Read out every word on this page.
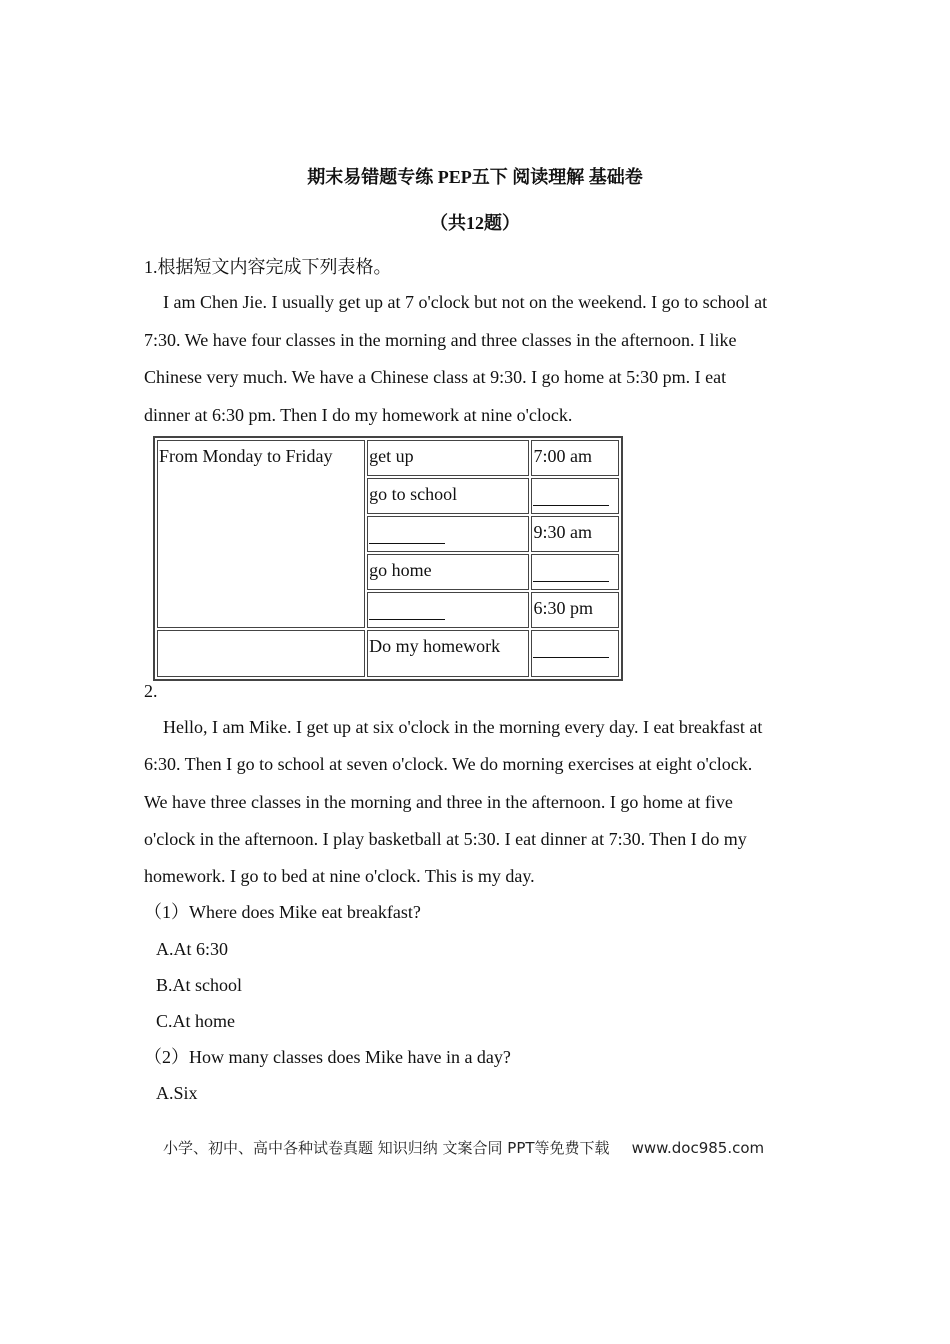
期末易错题专练 PEP五下 阅读理解 基础卷
（共12题）
1.根据短文内容完成下列表格。
I am Chen Jie. I usually get up at 7 o'clock but not on the weekend. I go to school at
7:30. We have four classes in the morning and three classes in the afternoon. I like
Chinese very much. We have a Chinese class at 9:30. I go home at 5:30 pm. I eat
dinner at 6:30 pm. Then I do my homework at nine o'clock.
From Monday to Friday	get up	7:00 am
	go to school	
		9:30 am
	go home	
		6:30 pm
	Do my homework	
2.
Hello, I am Mike. I get up at six o'clock in the morning every day. I eat breakfast at
6:30. Then I go to school at seven o'clock. We do morning exercises at eight o'clock.
We have three classes in the morning and three in the afternoon. I go home at five
o'clock in the afternoon. I play basketball at 5:30. I eat dinner at 7:30. Then I do my
homework. I go to bed at nine o'clock. This is my day.
（1）Where does Mike eat breakfast?
A.At 6:30
B.At school
C.At home
（2）How many classes does Mike have in a day?
A.Six
小学、初中、高中各种试卷真题 知识归纳 文案合同 PPT等免费下载 www.doc985.com
